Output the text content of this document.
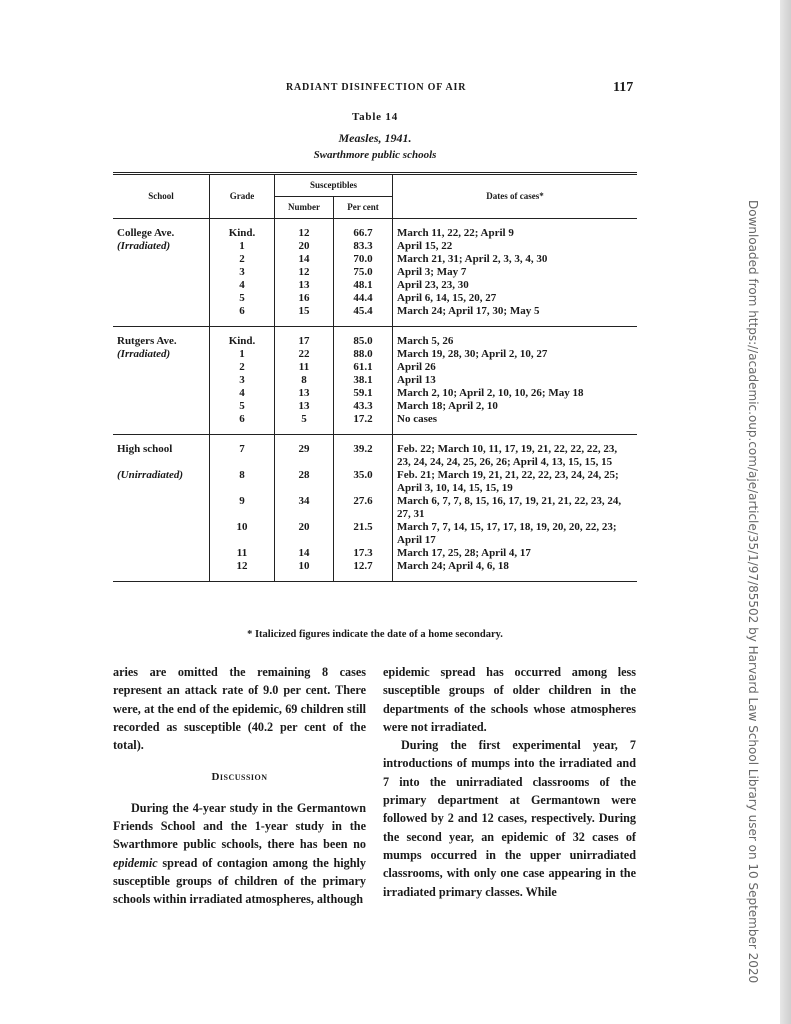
RADIANT DISINFECTION OF AIR	117
Table 14
Measles, 1941.
Swarthmore public schools
School	Grade	Susceptibles		Dates of cases*
		Number	Per cent	
College Ave.	Kind.	12	66.7	March 11, 22, 22; April 9
(Irradiated)	1	20	83.3	April 15, 22
	2	14	70.0	March 21, 31; April 2, 3, 3, 4, 30
	3	12	75.0	April 3; May 7
	4	13	48.1	April 23, 23, 30
	5	16	44.4	April 6, 14, 15, 20, 27
	6	15	45.4	March 24; April 17, 30; May 5
Rutgers Ave.	Kind.	17	85.0	March 5, 26
(Irradiated)	1	22	88.0	March 19, 28, 30; April 2, 10, 27
	2	11	61.1	April 26
	3	8	38.1	April 13
	4	13	59.1	March 2, 10; April 2, 10, 10, 26; May 18
	5	13	43.3	March 18; April 2, 10
	6	5	17.2	No cases
High school	7	29	39.2	Feb. 22; March 10, 11, 17, 19, 21, 22, 22, 22, 23, 23, 24, 24, 24, 25, 26, 26; April 4, 13, 15, 15, 15
(Unirradiated)	8	28	35.0	Feb. 21; March 19, 21, 21, 22, 22, 23, 24, 24, 25; April 3, 10, 14, 15, 15, 19
	9	34	27.6	March 6, 7, 7, 8, 15, 16, 17, 19, 21, 21, 22, 23, 24, 27, 31
	10	20	21.5	March 7, 7, 14, 15, 17, 17, 18, 19, 20, 20, 22, 23; April 17
	11	14	17.3	March 17, 25, 28; April 4, 17
	12	10	12.7	March 24; April 4, 6, 18
* Italicized figures indicate the date of a home secondary.

aries are omitted the remaining 8 cases represent an attack rate of 9.0 per cent. There were, at the end of the epidemic, 69 children still recorded as susceptible (40.2 per cent of the total).

Discussion

During the 4-year study in the Germantown Friends School and the 1-year study in the Swarthmore public schools, there has been no epidemic spread of contagion among the highly susceptible groups of children of the primary schools within irradiated atmospheres, although

epidemic spread has occurred among less susceptible groups of older children in the departments of the schools whose atmospheres were not irradiated.

During the first experimental year, 7 introductions of mumps into the irradiated and 7 into the unirradiated classrooms of the primary department at Germantown were followed by 2 and 12 cases, respectively. During the second year, an epidemic of 32 cases of mumps occurred in the upper unirradiated classrooms, with only one case appearing in the irradiated primary classes. While	Downloaded from https://academic.oup.com/aje/article/35/1/97/85502 by Harvard Law School Library user on 10 September 2020
